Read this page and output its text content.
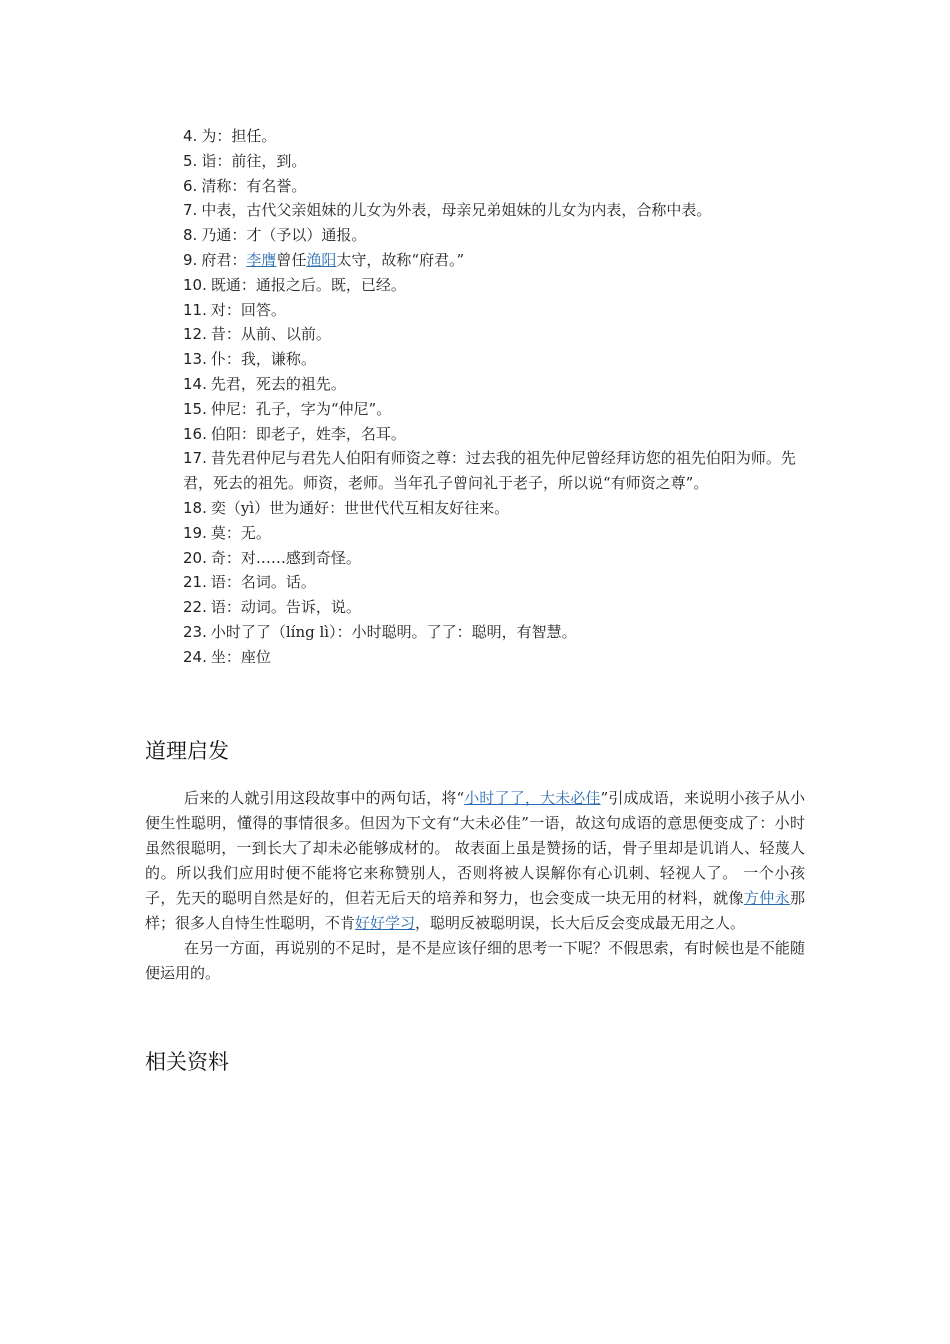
4. 为：担任。
5. 诣：前往，到。
6. 清称：有名誉。
7. 中表，古代父亲姐妹的儿女为外表，母亲兄弟姐妹的儿女为内表，合称中表。
8. 乃通：才（予以）通报。
9. 府君：李膺曾任渔阳太守，故称“府君。”
10. 既通：通报之后。既，已经。
11. 对：回答。
12. 昔：从前、以前。
13. 仆：我，谦称。
14. 先君，死去的祖先。
15. 仲尼：孔子，字为“仲尼”。
16. 伯阳：即老子，姓李，名耳。
17. 昔先君仲尼与君先人伯阳有师资之尊：过去我的祖先仲尼曾经拜访您的祖先伯阳为师。先君，死去的祖先。师资，老师。当年孔子曾问礼于老子，所以说“有师资之尊”。
18. 奕（yì）世为通好：世世代代互相友好往来。
19. 莫：无。
20. 奇：对……感到奇怪。
21. 语：名词。话。
22. 语：动词。告诉，说。
23. 小时了了（líng lì）：小时聪明。了了：聪明，有智慧。
24. 坐：座位
道理启发

后来的人就引用这段故事中的两句话，将“小时了了，大未必佳”引成成语，来说明小孩子从小便生性聪明，懂得的事情很多。但因为下文有“大未必佳”一语，故这句成语的意思便变成了：小时虽然很聪明，一到长大了却未必能够成材的。 故表面上虽是赞扬的话，骨子里却是讥诮人、轻蔑人的。所以我们应用时便不能将它来称赞别人，否则将被人误解你有心讥刺、轻视人了。 一个小孩子，先天的聪明自然是好的，但若无后天的培养和努力，也会变成一块无用的材料，就像方仲永那样；很多人自恃生性聪明，不肯好好学习，聪明反被聪明误，长大后反会变成最无用之人。

在另一方面，再说别的不足时，是不是应该仔细的思考一下呢？不假思索，有时候也是不能随便运用的。

相关资料
